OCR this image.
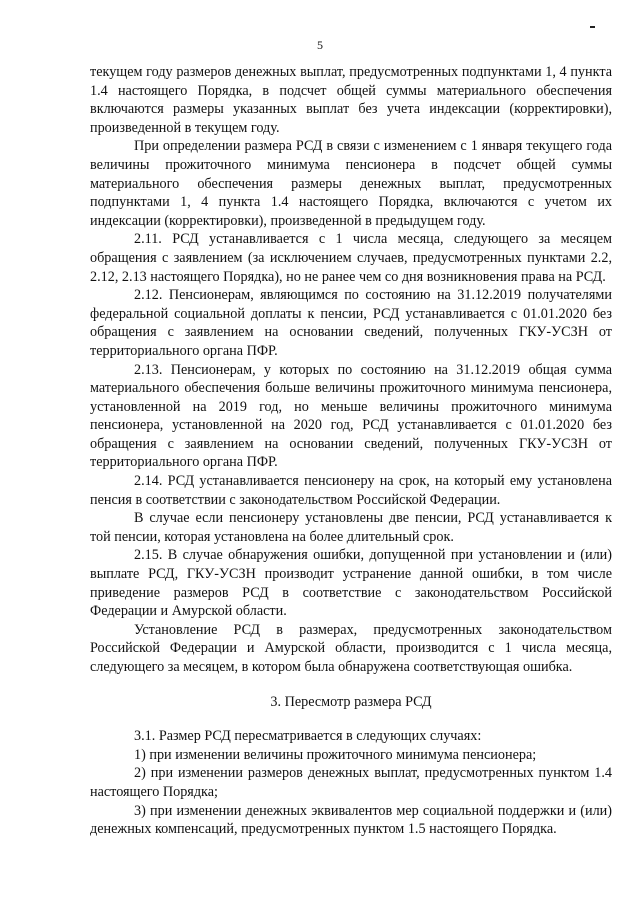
5

текущем году размеров денежных выплат, предусмотренных подпунктами 1, 4 пункта 1.4 настоящего Порядка, в подсчет общей суммы материального обеспечения включаются размеры указанных выплат без учета индексации (корректировки), произведенной в текущем году.

При определении размера РСД в связи с изменением с 1 января текущего года величины прожиточного минимума пенсионера в подсчет общей суммы материального обеспечения размеры денежных выплат, предусмотренных подпунктами 1, 4 пункта 1.4 настоящего Порядка, включаются с учетом их индексации (корректировки), произведенной в предыдущем году.

2.11. РСД устанавливается с 1 числа месяца, следующего за месяцем обращения с заявлением (за исключением случаев, предусмотренных пунктами 2.2, 2.12, 2.13 настоящего Порядка), но не ранее чем со дня возникновения права на РСД.

2.12. Пенсионерам, являющимся по состоянию на 31.12.2019 получателями федеральной социальной доплаты к пенсии, РСД устанавливается с 01.01.2020 без обращения с заявлением на основании сведений, полученных ГКУ-УСЗН от территориального органа ПФР.

2.13. Пенсионерам, у которых по состоянию на 31.12.2019 общая сумма материального обеспечения больше величины прожиточного минимума пенсионера, установленной на 2019 год, но меньше величины прожиточного минимума пенсионера, установленной на 2020 год, РСД устанавливается с 01.01.2020 без обращения с заявлением на основании сведений, полученных ГКУ-УСЗН от территориального органа ПФР.

2.14. РСД устанавливается пенсионеру на срок, на который ему установлена пенсия в соответствии с законодательством Российской Федерации.

В случае если пенсионеру установлены две пенсии, РСД устанавливается к той пенсии, которая установлена на более длительный срок.

2.15. В случае обнаружения ошибки, допущенной при установлении и (или) выплате РСД, ГКУ-УСЗН производит устранение данной ошибки, в том числе приведение размеров РСД в соответствие с законодательством Российской Федерации и Амурской области.

Установление РСД в размерах, предусмотренных законодательством Российской Федерации и Амурской области, производится с 1 числа месяца, следующего за месяцем, в котором была обнаружена соответствующая ошибка.

3. Пересмотр размера РСД

3.1. Размер РСД пересматривается в следующих случаях:

1) при изменении величины прожиточного минимума пенсионера;

2) при изменении размеров денежных выплат, предусмотренных пунктом 1.4 настоящего Порядка;

3) при изменении денежных эквивалентов мер социальной поддержки и (или) денежных компенсаций, предусмотренных пунктом 1.5 настоящего Порядка.
